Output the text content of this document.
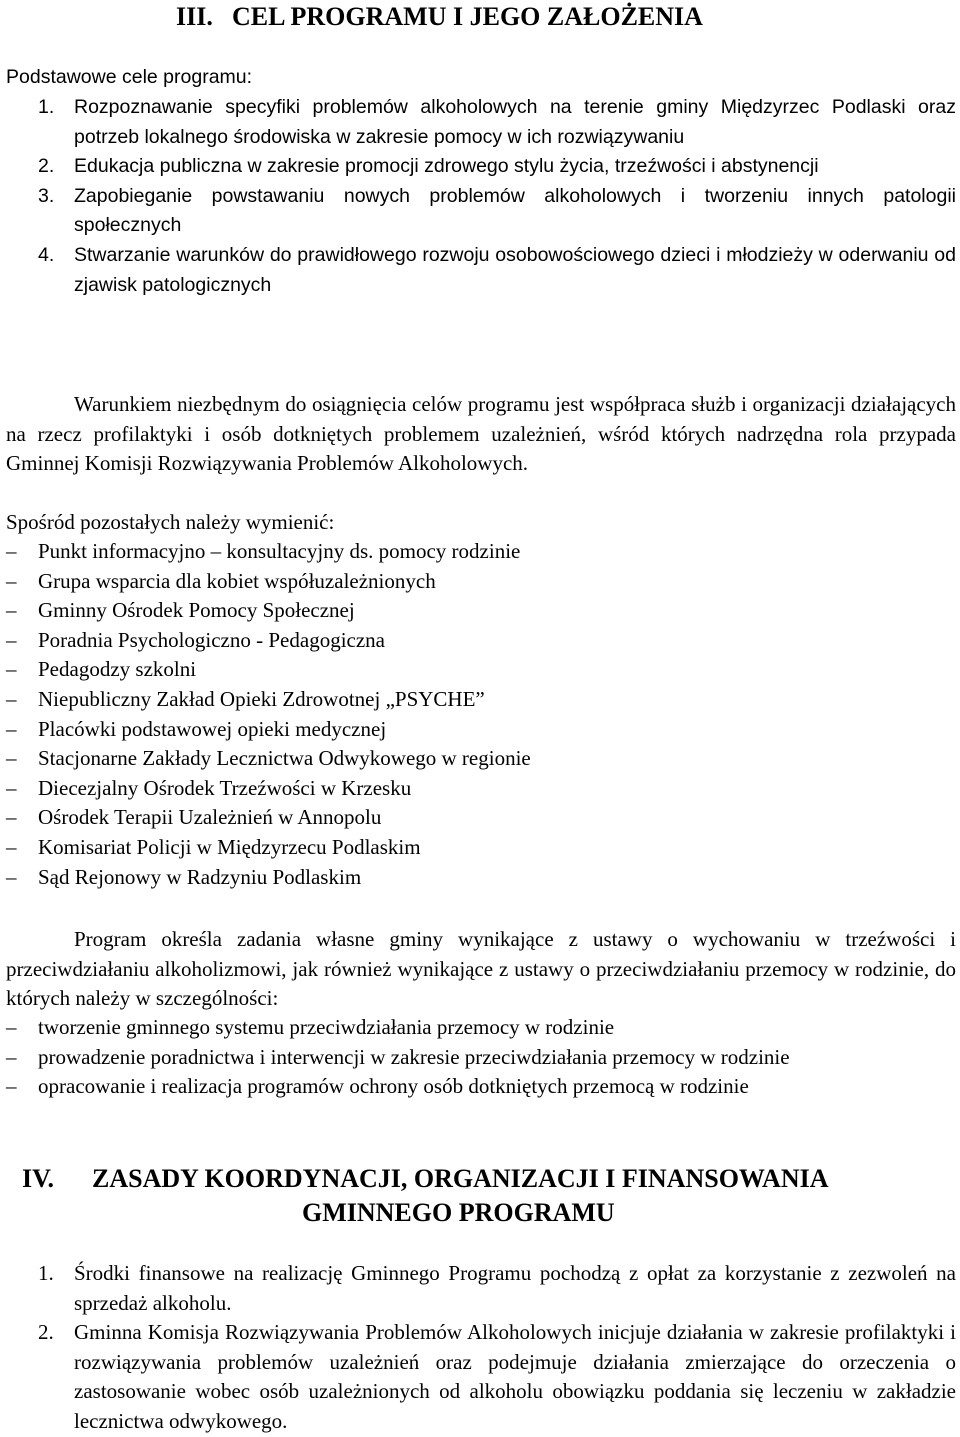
III. CEL PROGRAMU I JEGO ZAŁOŻENIA
Podstawowe cele programu:
1. Rozpoznawanie specyfiki problemów alkoholowych na terenie gminy Międzyrzec Podlaski oraz potrzeb lokalnego środowiska w zakresie pomocy w ich rozwiązywaniu
2. Edukacja publiczna w zakresie promocji zdrowego stylu życia, trzeźwości i abstynencji
3. Zapobieganie powstawaniu nowych problemów alkoholowych i tworzeniu innych patologii społecznych
4. Stwarzanie warunków do prawidłowego rozwoju osobowościowego dzieci i młodzieży w oderwaniu od zjawisk patologicznych
Warunkiem niezbędnym do osiągnięcia celów programu jest współpraca służb i organizacji działających na rzecz profilaktyki i osób dotkniętych problemem uzależnień, wśród których nadrzędna rola przypada Gminnej Komisji Rozwiązywania Problemów Alkoholowych.
Spośród pozostałych należy wymienić:
– Punkt informacyjno – konsultacyjny ds. pomocy rodzinie
– Grupa wsparcia dla kobiet współuzależnionych
– Gminny Ośrodek Pomocy Społecznej
– Poradnia Psychologiczno - Pedagogiczna
– Pedagodzy szkolni
– Niepubliczny Zakład Opieki Zdrowotnej „PSYCHE”
– Placówki podstawowej opieki medycznej
– Stacjonarne Zakłady Lecznictwa Odwykowego w regionie
– Diecezjalny Ośrodek Trzeźwości w Krzesku
– Ośrodek Terapii Uzależnień w Annopolu
– Komisariat Policji w Międzyrzecu Podlaskim
– Sąd Rejonowy w Radzyniu Podlaskim
Program określa zadania własne gminy wynikające z ustawy o wychowaniu w trzeźwości i przeciwdziałaniu alkoholizmowi, jak również wynikające z ustawy o przeciwdziałaniu przemocy w rodzinie, do których należy w szczególności:
– tworzenie gminnego systemu przeciwdziałania przemocy w rodzinie
– prowadzenie poradnictwa i interwencji w zakresie przeciwdziałania przemocy w rodzinie
– opracowanie i realizacja programów ochrony osób dotkniętych przemocą w rodzinie
IV. ZASADY KOORDYNACJI, ORGANIZACJI I FINANSOWANIA
GMINNEGO PROGRAMU
1. Środki finansowe na realizację Gminnego Programu pochodzą z opłat za korzystanie z zezwoleń na sprzedaż alkoholu.
2. Gminna Komisja Rozwiązywania Problemów Alkoholowych inicjuje działania w zakresie profilaktyki i rozwiązywania problemów uzależnień oraz podejmuje działania zmierzające do orzeczenia o zastosowanie wobec osób uzależnionych od alkoholu obowiązku poddania się leczeniu w zakładzie lecznictwa odwykowego.
